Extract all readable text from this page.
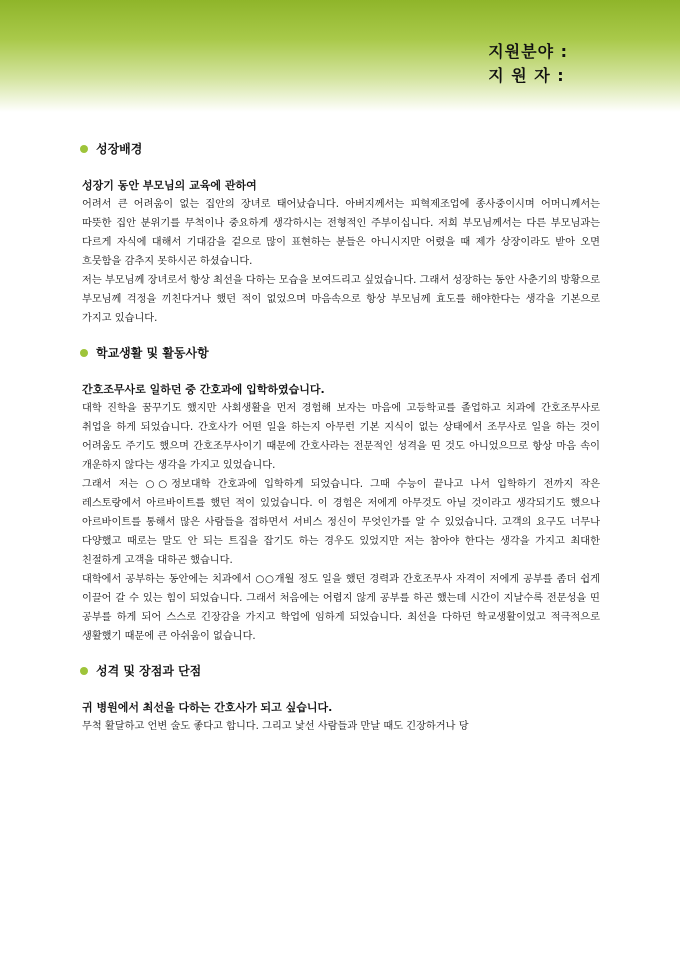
지원분야 :
지 원 자 :
성장배경
성장기 동안 부모님의 교육에 관하여

어려서 큰 어려움이 없는 집안의 장녀로 태어났습니다. 아버지께서는 피혁제조업에 종사중이시며 어머니께서는 따뜻한 집안 분위기를 무척이나 중요하게 생각하시는 전형적인 주부이십니다. 저희 부모님께서는 다른 부모님과는 다르게 자식에 대해서 기대감을 겉으로 많이 표현하는 분들은 아니시지만 어렸을 때 제가 상장이라도 받아 오면 흐뭇함을 감추지 못하시곤 하셨습니다.

저는 부모님께 장녀로서 항상 최선을 다하는 모습을 보여드리고 싶었습니다. 그래서 성장하는 동안 사춘기의 방황으로 부모님께 걱정을 끼친다거나 했던 적이 없었으며 마음속으로 항상 부모님께 효도를 해야한다는 생각을 기본으로 가지고 있습니다.

학교생활 및 활동사항
간호조무사로 일하던 중 간호과에 입학하였습니다.

대학 진학을 꿈꾸기도 했지만 사회생활을 먼저 경험해 보자는 마음에 고등학교를 졸업하고 치과에 간호조무사로 취업을 하게 되었습니다. 간호사가 어떤 일을 하는지 아무런 기본 지식이 없는 상태에서 조무사로 일을 하는 것이 어려움도 주기도 했으며 간호조무사이기 때문에 간호사라는 전문적인 성격을 띤 것도 아니었으므로 항상 마음 속이 개운하지 않다는 생각을 가지고 있었습니다.

그래서 저는 ○○정보대학 간호과에 입학하게 되었습니다. 그때 수능이 끝나고 나서 입학하기 전까지 작은 레스토랑에서 아르바이트를 했던 적이 있었습니다. 이 경험은 저에게 아무것도 아닐 것이라고 생각되기도 했으나 아르바이트를 통해서 많은 사람들을 접하면서 서비스 정신이 무엇인가를 알 수 있었습니다. 고객의 요구도 너무나 다양했고 때로는 말도 안 되는 트집을 잡기도 하는 경우도 있었지만 저는 참아야 한다는 생각을 가지고 최대한 친절하게 고객을 대하곤 했습니다.

대학에서 공부하는 동안에는 치과에서 ○○개월 정도 일을 했던 경력과 간호조무사 자격이 저에게 공부를 좀더 쉽게 이끌어 갈 수 있는 힘이 되었습니다. 그래서 처음에는 어렵지 않게 공부를 하곤 했는데 시간이 지날수록 전문성을 띤 공부를 하게 되어 스스로 긴장감을 가지고 학업에 임하게 되었습니다. 최선을 다하던 학교생활이었고 적극적으로 생활했기 때문에 큰 아쉬움이 없습니다.

성격 및 장점과 단점
귀 병원에서 최선을 다하는 간호사가 되고 싶습니다.

무척 활달하고 언변 술도 좋다고 합니다. 그리고 낯선 사람들과 만날 때도 긴장하거나 당
